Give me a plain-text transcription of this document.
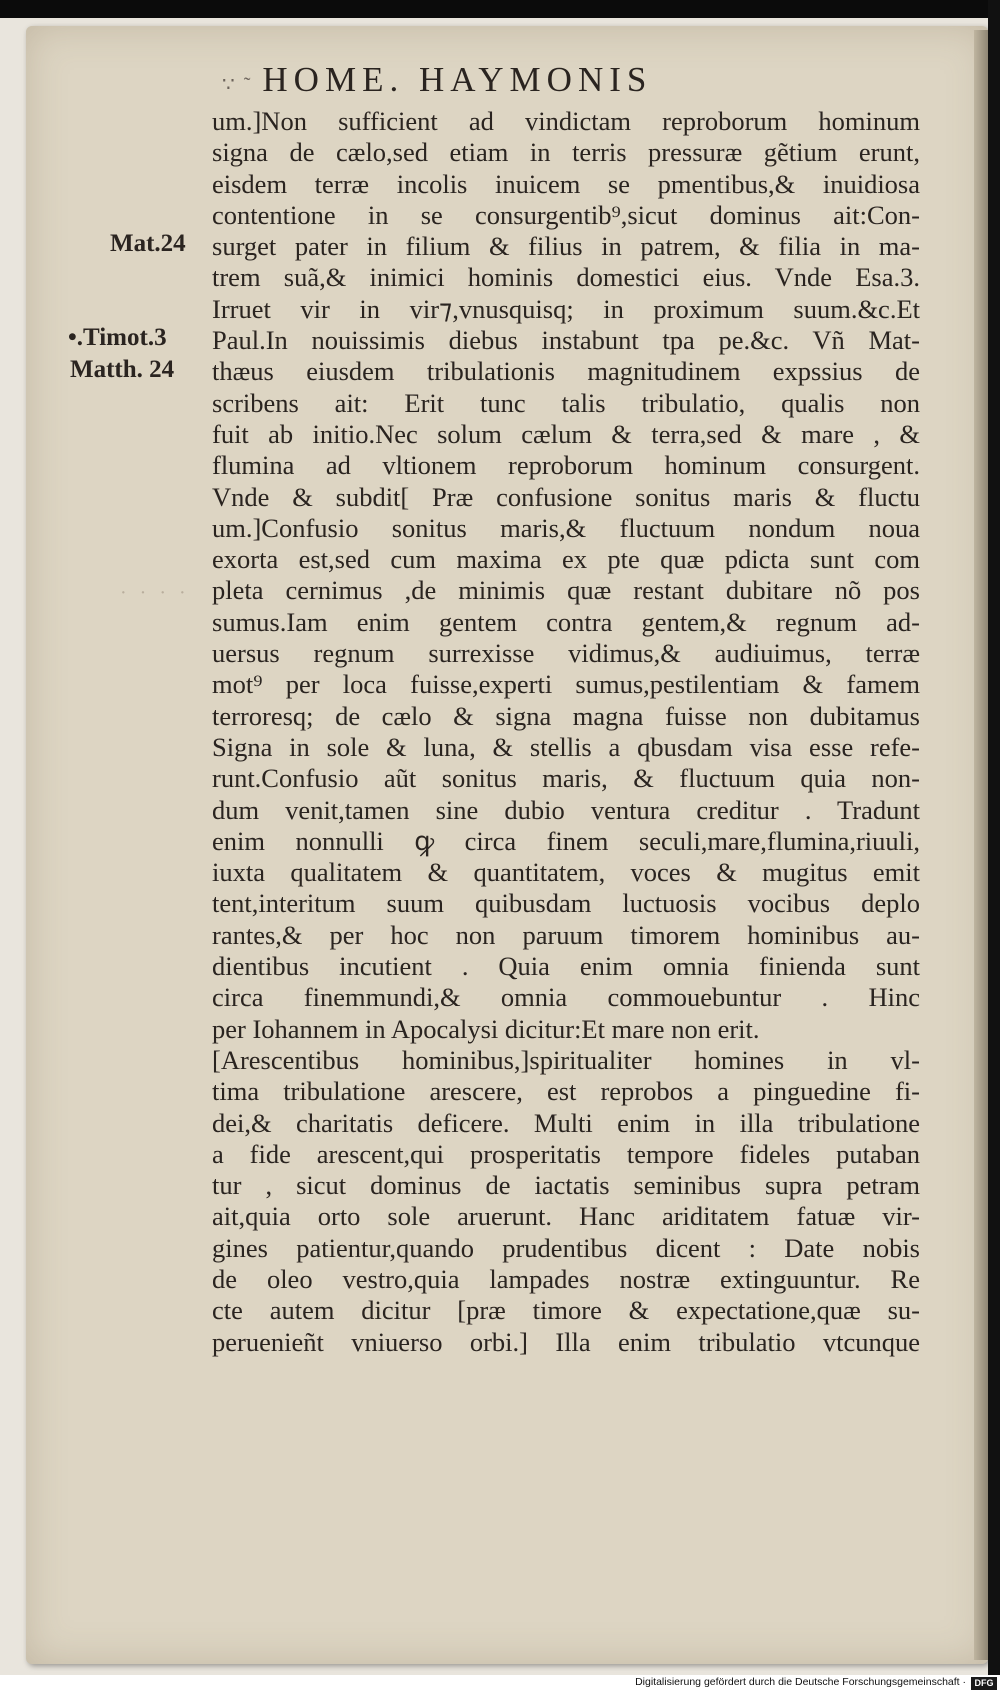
∵ ˜ HOME. HAYMONIS
Mat.24
•.Timot.3
Matth. 24
· · · ·
um.]Non sufficient ad vindictam reproborum hominum
signa de cælo,sed etiam in terris pressuræ gẽtium erunt,
eisdem terræ incolis inuicem se pmentibus,& inuidiosa
contentione in se consurgentib⁹,sicut dominus ait:Con-
surget pater in filium & filius in patrem, & filia in ma-
trem suã,& inimici hominis domestici eius. Vnde Esa.3.
Irruet vir in vir⁊,vnusquisq; in proximum suum.&c.Et
Paul.In nouissimis diebus instabunt tpa pe.&c. Vñ Mat-
thæus eiusdem tribulationis magnitudinem expssius de
scribens ait: Erit tunc talis tribulatio, qualis non
fuit ab initio.Nec solum cælum & terra,sed & mare , &
flumina ad vltionem reproborum hominum consurgent.
Vnde & subdit[ Præ confusione sonitus maris & fluctu
um.]Confusio sonitus maris,& fluctuum nondum noua
exorta est,sed cum maxima ex pte quæ pdicta sunt com
pleta cernimus ,de minimis quæ restant dubitare nõ pos
sumus.Iam enim gentem contra gentem,& regnum ad-
uersus regnum surrexisse vidimus,& audiuimus, terræ
mot⁹ per loca fuisse,experti sumus,pestilentiam & famem
terroresq; de cælo & signa magna fuisse non dubitamus
Signa in sole & luna, & stellis a qbusdam visa esse refe-
runt.Confusio aũt sonitus maris, & fluctuum quia non-
dum venit,tamen sine dubio ventura creditur . Tradunt
enim nonnulli ꝙ circa finem seculi,mare,flumina,riuuli,
iuxta qualitatem & quantitatem, voces & mugitus emit
tent,interitum suum quibusdam luctuosis vocibus deplo
rantes,& per hoc non paruum timorem hominibus au-
dientibus incutient . Quia enim omnia finienda sunt
circa finemmundi,& omnia commouebuntur . Hinc
per Iohannem in Apocalysi dicitur:Et mare non erit.
[Arescentibus hominibus,]spiritualiter homines in vl-
tima tribulatione arescere, est reprobos a pinguedine fi-
dei,& charitatis deficere. Multi enim in illa tribulatione
a fide arescent,qui prosperitatis tempore fideles putaban
tur , sicut dominus de iactatis seminibus supra petram
ait,quia orto sole aruerunt. Hanc ariditatem fatuæ vir-
gines patientur,quando prudentibus dicent : Date nobis
de oleo vestro,quia lampades nostræ extinguuntur. Re
cte autem dicitur [præ timore & expectatione,quæ su-
peruenieñt vniuerso orbi.] Illa enim tribulatio vtcunque
Digitalisierung gefördert durch die Deutsche Forschungsgemeinschaft · DFG
